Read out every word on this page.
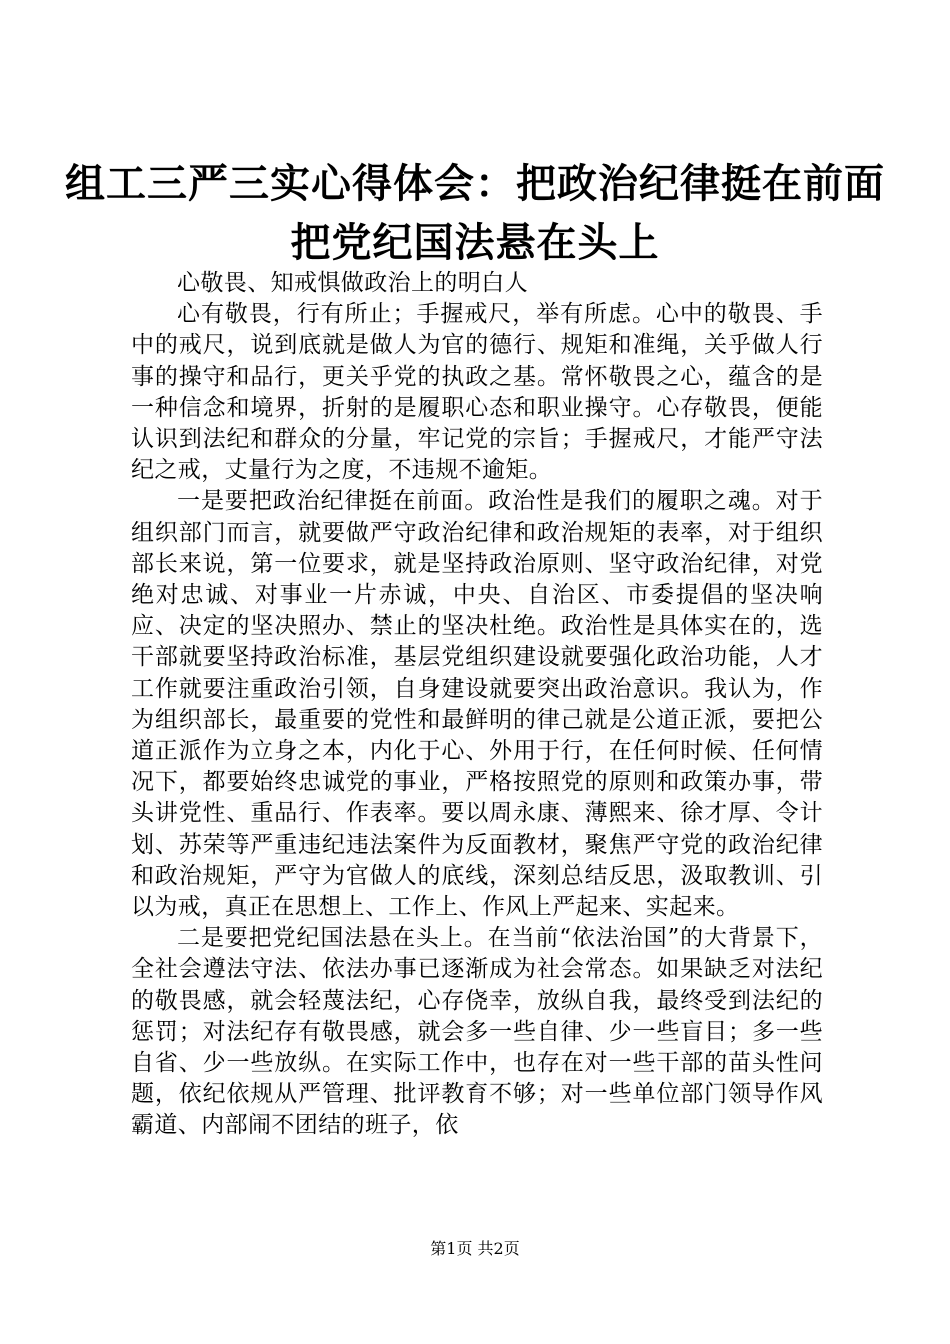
组工三严三实心得体会：把政治纪律挺在前面
把党纪国法悬在头上

心敬畏、知戒惧做政治上的明白人

心有敬畏，行有所止；手握戒尺，举有所虑。心中的敬畏、手中的戒尺，说到底就是做人为官的德行、规矩和准绳，关乎做人行事的操守和品行，更关乎党的执政之基。常怀敬畏之心，蕴含的是一种信念和境界，折射的是履职心态和职业操守。心存敬畏，便能认识到法纪和群众的分量，牢记党的宗旨；手握戒尺，才能严守法纪之戒，丈量行为之度，不违规不逾矩。

一是要把政治纪律挺在前面。政治性是我们的履职之魂。对于组织部门而言，就要做严守政治纪律和政治规矩的表率，对于组织部长来说，第一位要求，就是坚持政治原则、坚守政治纪律，对党绝对忠诚、对事业一片赤诚，中央、自治区、市委提倡的坚决响应、决定的坚决照办、禁止的坚决杜绝。政治性是具体实在的，选干部就要坚持政治标准，基层党组织建设就要强化政治功能，人才工作就要注重政治引领，自身建设就要突出政治意识。我认为，作为组织部长，最重要的党性和最鲜明的律己就是公道正派，要把公道正派作为立身之本，内化于心、外用于行，在任何时候、任何情况下，都要始终忠诚党的事业，严格按照党的原则和政策办事，带头讲党性、重品行、作表率。要以周永康、薄熙来、徐才厚、令计划、苏荣等严重违纪违法案件为反面教材，聚焦严守党的政治纪律和政治规矩，严守为官做人的底线，深刻总结反思，汲取教训、引以为戒，真正在思想上、工作上、作风上严起来、实起来。

二是要把党纪国法悬在头上。在当前“依法治国”的大背景下，全社会遵法守法、依法办事已逐渐成为社会常态。如果缺乏对法纪的敬畏感，就会轻蔑法纪，心存侥幸，放纵自我，最终受到法纪的惩罚；对法纪存有敬畏感，就会多一些自律、少一些盲目；多一些自省、少一些放纵。在实际工作中，也存在对一些干部的苗头性问题，依纪依规从严管理、批评教育不够；对一些单位部门领导作风霸道、内部闹不团结的班子，依

第1页 共2页
